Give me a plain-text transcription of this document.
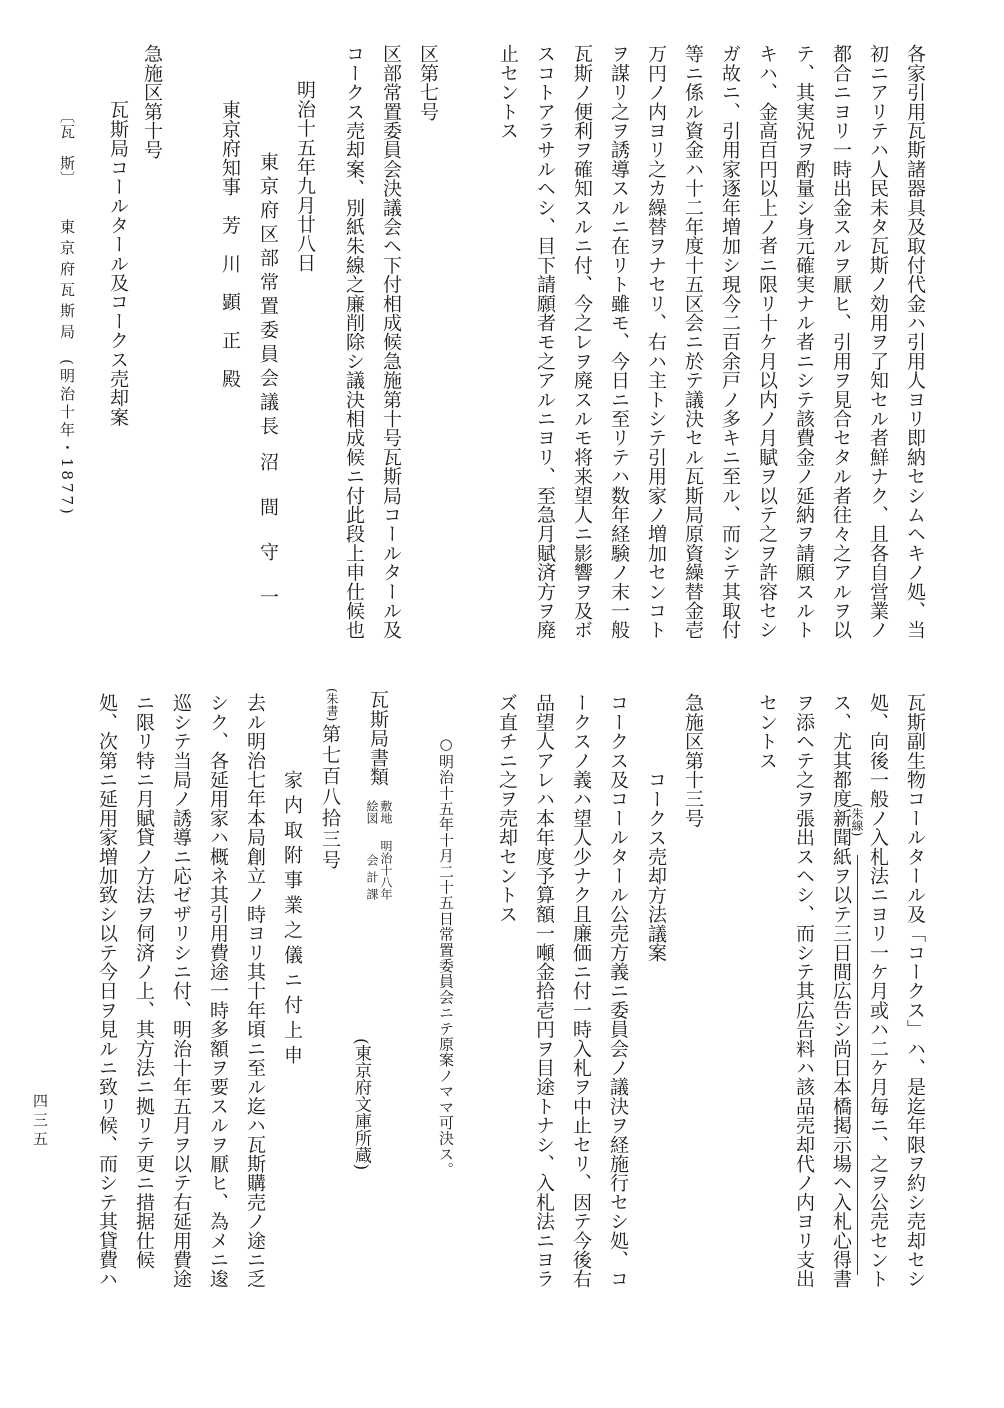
各家引用瓦斯諸器具及取付代金ハ引用人ヨリ即納セシムヘキノ処、当
初ニアリテハ人民未タ瓦斯ノ効用ヲ了知セル者鮮ナク、且各自営業ノ
都合ニヨリ一時出金スルヲ厭ヒ、引用ヲ見合セタル者往々之アルヲ以
テ、其実況ヲ酌量シ身元確実ナル者ニシテ該費金ノ延納ヲ請願スルト
キハ、金高百円以上ノ者ニ限リ十ケ月以内ノ月賦ヲ以テ之ヲ許容セシ
ガ故ニ、引用家逐年増加シ現今二百余戸ノ多キニ至ル、而シテ其取付
等ニ係ル資金ハ十二年度十五区会ニ於テ議決セル瓦斯局原資繰替金壱
万円ノ内ヨリ之カ繰替ヲナセリ、右ハ主トシテ引用家ノ増加センコト
ヲ謀リ之ヲ誘導スルニ在リト雖モ、今日ニ至リテハ数年経験ノ末一般
瓦斯ノ便利ヲ確知スルニ付、今之レヲ廃スルモ将来望人ニ影響ヲ及ボ
スコトアラサルヘシ、目下請願者モ之アルニヨリ、至急月賦済方ヲ廃
止セントス
区第七号
区部常置委員会決議会ヘ下付相成候急施第十号瓦斯局コールタール及
コークス売却案、別紙朱線之廉削除シ議決相成候ニ付此段上申仕候也
明治十五年九月廿八日
東京府区部常置委員会議長
沼　間　守　一
東京府知事　芳　川　顕　正　殿
急施区第十号
瓦斯局コールタール及コークス売却案
〔瓦　斯〕東京府瓦斯局(明治十年・1877)
瓦斯副生物コールタール及「コークス」ハ、是迄年限ヲ約シ売却セシ
処、向後一般ノ入札法ニヨリ一ケ月或ハ二ケ月毎ニ、之ヲ公売セント
(朱線)
ス、尤其都度新聞紙ヲ以テ三日間広告シ尚日本橋掲示場ヘ入札心得書
ヲ添ヘテ之ヲ張出スヘシ、而シテ其広告料ハ該品売却代ノ内ヨリ支出
セントス
急施区第十三号
コークス売却方法議案
コークス及コールタール公売方義ニ委員会ノ議決ヲ経施行セシ処、コ
ークスノ義ハ望人少ナク且廉価ニ付一時入札ヲ中止セリ、因テ今後右
品望人アレハ本年度予算額一噸金拾壱円ヲ目途トナシ、入札法ニヨラ
ズ直チニ之ヲ売却セントス
○明治十五年十月二十五日常置委員会ニテ原案ノママ可決ス。
瓦斯局書類
敷地
絵図
明治十八年
会計課
(東京府文庫所蔵)
(朱書)
第七百八拾三号
家内取附事業之儀ニ付上申
去ル明治七年本局創立ノ時ヨリ其十年頃ニ至ル迄ハ瓦斯購売ノ途ニ乏
シク、各延用家ハ概ネ其引用費途一時多額ヲ要スルヲ厭ヒ、為メニ逡
巡シテ当局ノ誘導ニ応ゼザリシニ付、明治十年五月ヲ以テ右延用費途
ニ限リ特ニ月賦貸ノ方法ヲ伺済ノ上、其方法ニ拠リテ更ニ措据仕候
処、次第ニ延用家増加致シ以テ今日ヲ見ルニ致リ候、而シテ其貸費ハ
四三五
